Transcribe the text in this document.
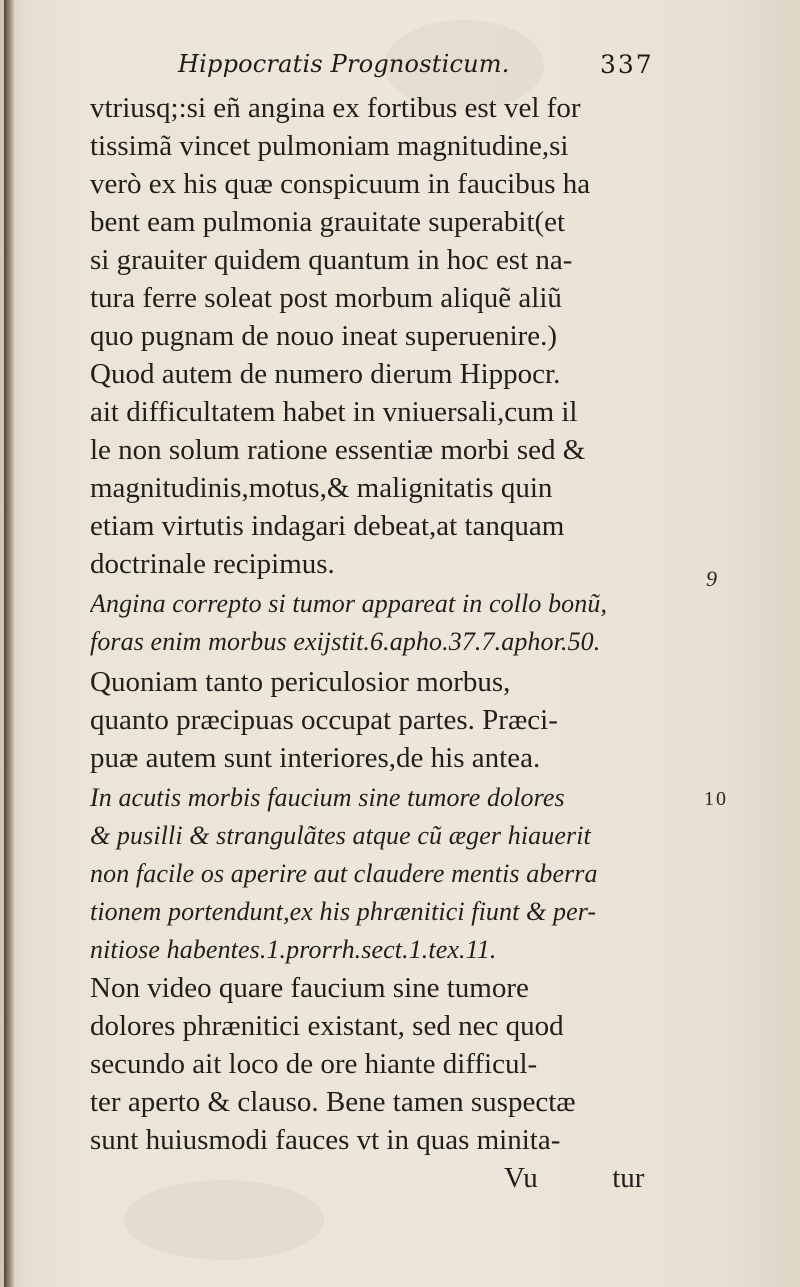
Hippocratis Prognosticum.	337
vtriusq;:si eñ angina ex fortibus est vel for
tissimã vincet pulmoniam magnitudine,si
verò ex his quæ conspicuum in faucibus ha
bent eam pulmonia grauitate superabit(et
si grauiter quidem quantum in hoc est na-
tura ferre soleat post morbum aliquẽ aliũ
quo pugnam de nouo ineat superuenire.)
Quod autem de numero dierum Hippocr.
ait difficultatem habet in vniuersali,cum il
le non solum ratione essentiæ morbi sed &
magnitudinis,motus,& malignitatis quin
etiam virtutis indagari debeat,at tanquam
doctrinale recipimus.
Angina correpto si tumor appareat in collo bonũ,
foras enim morbus exijstit.6.apho.37.7.aphor.50.
Quoniam tanto periculosior morbus,
quanto præcipuas occupat partes. Præci-
puæ autem sunt interiores,de his antea.
In acutis morbis faucium sine tumore dolores
& pusilli & strangulãtes atque cũ æger hiauerit
non facile os aperire aut claudere mentis aberra
tionem portendunt,ex his phrænitici fiunt & per-
nitiose habentes.1.prorrh.sect.1.tex.11.
Non video quare faucium sine tumore
dolores phrænitici existant, sed nec quod
secundo ait loco de ore hiante difficul-
ter aperto & clauso. Bene tamen suspectæ
sunt huiusmodi fauces vt in quas minita-
Vu	tur
9
10
